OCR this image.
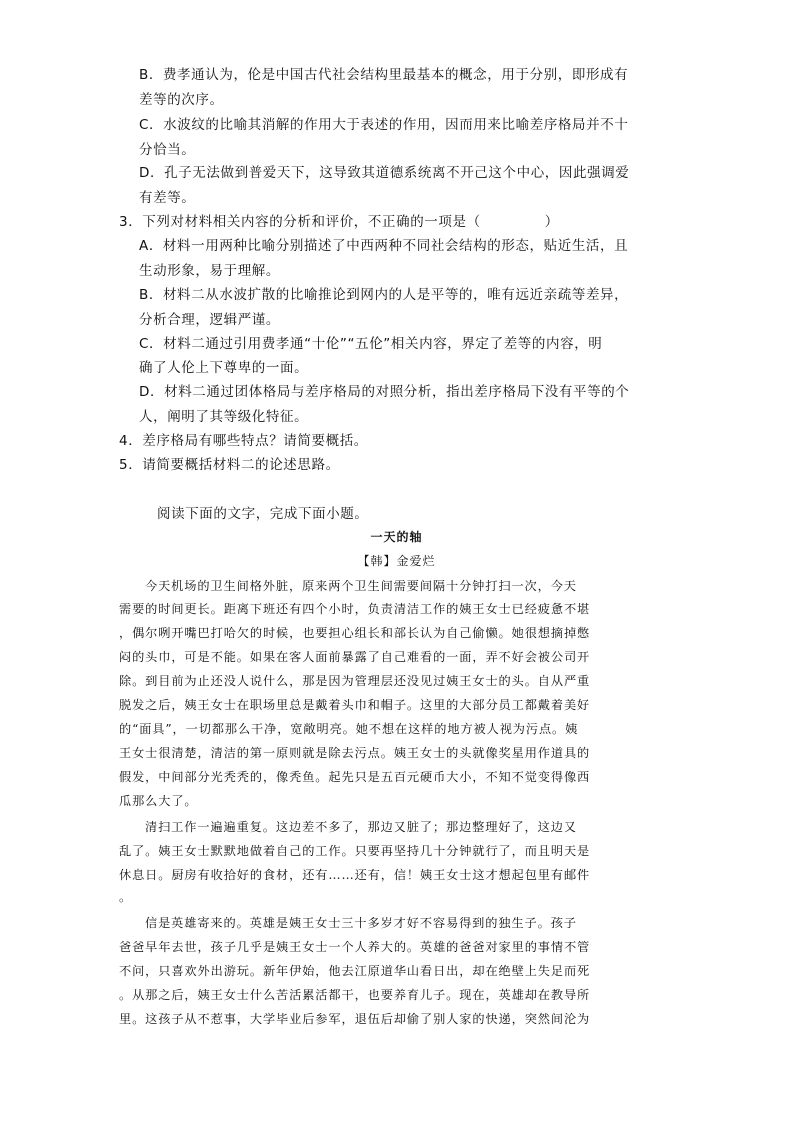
B．费孝通认为，伦是中国古代社会结构里最基本的概念，用于分别，即形成有
差等的次序。
C．水波纹的比喻其消解的作用大于表述的作用，因而用来比喻差序格局并不十
分恰当。
D．孔子无法做到普爱天下，这导致其道德系统离不开己这个中心，因此强调爱
有差等。
3．下列对材料相关内容的分析和评价，不正确的一项是（	）
A．材料一用两种比喻分别描述了中西两种不同社会结构的形态，贴近生活，且
生动形象，易于理解。
B．材料二从水波扩散的比喻推论到网内的人是平等的，唯有远近亲疏等差异，
分析合理，逻辑严谨。
C．材料二通过引用费孝通“十伦”“五伦”相关内容，界定了差等的内容，明
确了人伦上下尊卑的一面。
D．材料二通过团体格局与差序格局的对照分析，指出差序格局下没有平等的个
人，阐明了其等级化特征。
4．差序格局有哪些特点？请简要概括。
5．请简要概括材料二的论述思路。
阅读下面的文字，完成下面小题。
一天的轴
【韩】金爱烂
今天机场的卫生间格外脏，原来两个卫生间需要间隔十分钟打扫一次，今天
需要的时间更长。距离下班还有四个小时，负责清洁工作的姨王女士已经疲惫不堪
，偶尔咧开嘴巴打哈欠的时候，也要担心组长和部长认为自己偷懒。她很想摘掉憋
闷的头巾，可是不能。如果在客人面前暴露了自己难看的一面，弄不好会被公司开
除。到目前为止还没人说什么，那是因为管理层还没见过姨王女士的头。自从严重
脱发之后，姨王女士在职场里总是戴着头巾和帽子。这里的大部分员工都戴着美好
的“面具”，一切都那么干净，宽敞明亮。她不想在这样的地方被人视为污点。姨
王女士很清楚，清洁的第一原则就是除去污点。姨王女士的头就像奖星用作道具的
假发，中间部分光秃秃的，像秃鱼。起先只是五百元硬币大小，不知不觉变得像西
瓜那么大了。
清扫工作一遍遍重复。这边差不多了，那边又脏了；那边整理好了，这边又
乱了。姨王女士默默地做着自己的工作。只要再坚持几十分钟就行了，而且明天是
休息日。厨房有收拾好的食材，还有……还有，信！姨王女士这才想起包里有邮件
。
信是英雄寄来的。英雄是姨王女士三十多岁才好不容易得到的独生子。孩子
爸爸早年去世，孩子几乎是姨王女士一个人养大的。英雄的爸爸对家里的事情不管
不问，只喜欢外出游玩。新年伊始，他去江原道华山看日出，却在绝壁上失足而死
。从那之后，姨王女士什么苦活累活都干，也要养育儿子。现在，英雄却在教导所
里。这孩子从不惹事，大学毕业后参军，退伍后却偷了别人家的快递，突然间沦为
